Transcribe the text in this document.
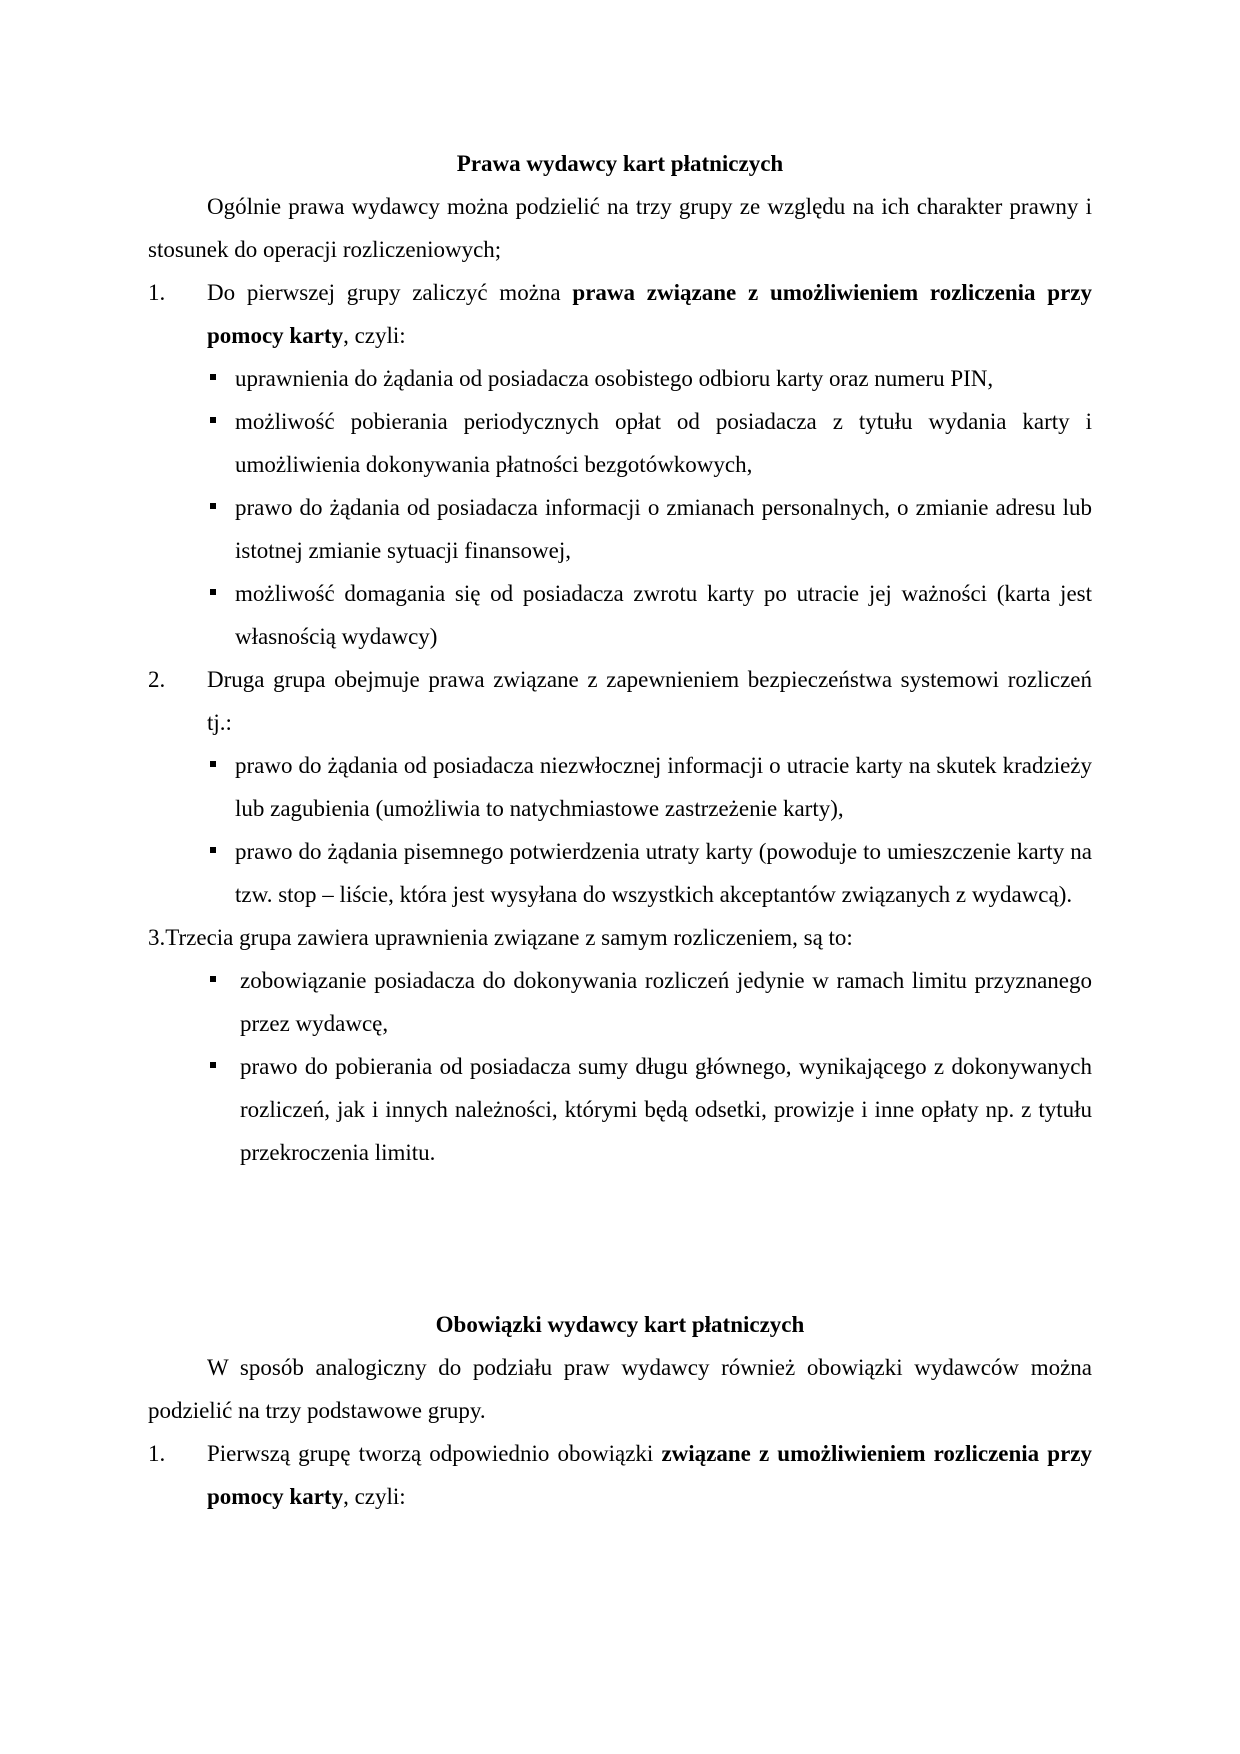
Prawa wydawcy kart płatniczych
Ogólnie prawa wydawcy można podzielić na trzy grupy ze względu na ich charakter prawny i stosunek do operacji rozliczeniowych;
1.	Do pierwszej grupy zaliczyć można prawa związane z umożliwieniem rozliczenia przy pomocy karty, czyli:
uprawnienia do żądania od posiadacza osobistego odbioru karty oraz numeru PIN,
możliwość pobierania periodycznych opłat od posiadacza z tytułu wydania karty i umożliwienia dokonywania płatności bezgotówkowych,
prawo do żądania od posiadacza informacji o zmianach personalnych, o zmianie adresu lub istotnej zmianie sytuacji finansowej,
możliwość domagania się od posiadacza zwrotu karty po utracie jej ważności (karta jest własnością wydawcy)
2.	Druga grupa obejmuje prawa związane z zapewnieniem bezpieczeństwa systemowi rozliczeń tj.:
prawo do żądania od posiadacza niezwłocznej informacji o utracie karty na skutek kradzieży lub zagubienia (umożliwia to natychmiastowe zastrzeżenie karty),
prawo do żądania pisemnego potwierdzenia utraty karty (powoduje to umieszczenie karty na tzw. stop – liście, która jest wysyłana do wszystkich akceptantów związanych z wydawcą).
3.Trzecia grupa zawiera uprawnienia związane z samym rozliczeniem, są to:
zobowiązanie posiadacza do dokonywania rozliczeń jedynie w ramach limitu przyznanego przez wydawcę,
prawo do pobierania od posiadacza sumy długu głównego, wynikającego z dokonywanych rozliczeń, jak i innych należności, którymi będą odsetki, prowizje i inne opłaty np. z tytułu przekroczenia limitu.
Obowiązki wydawcy kart płatniczych
W sposób analogiczny do podziału praw wydawcy również obowiązki wydawców można podzielić na trzy podstawowe grupy.
1.	Pierwszą grupę tworzą odpowiednio obowiązki związane z umożliwieniem rozliczenia przy pomocy karty, czyli:
